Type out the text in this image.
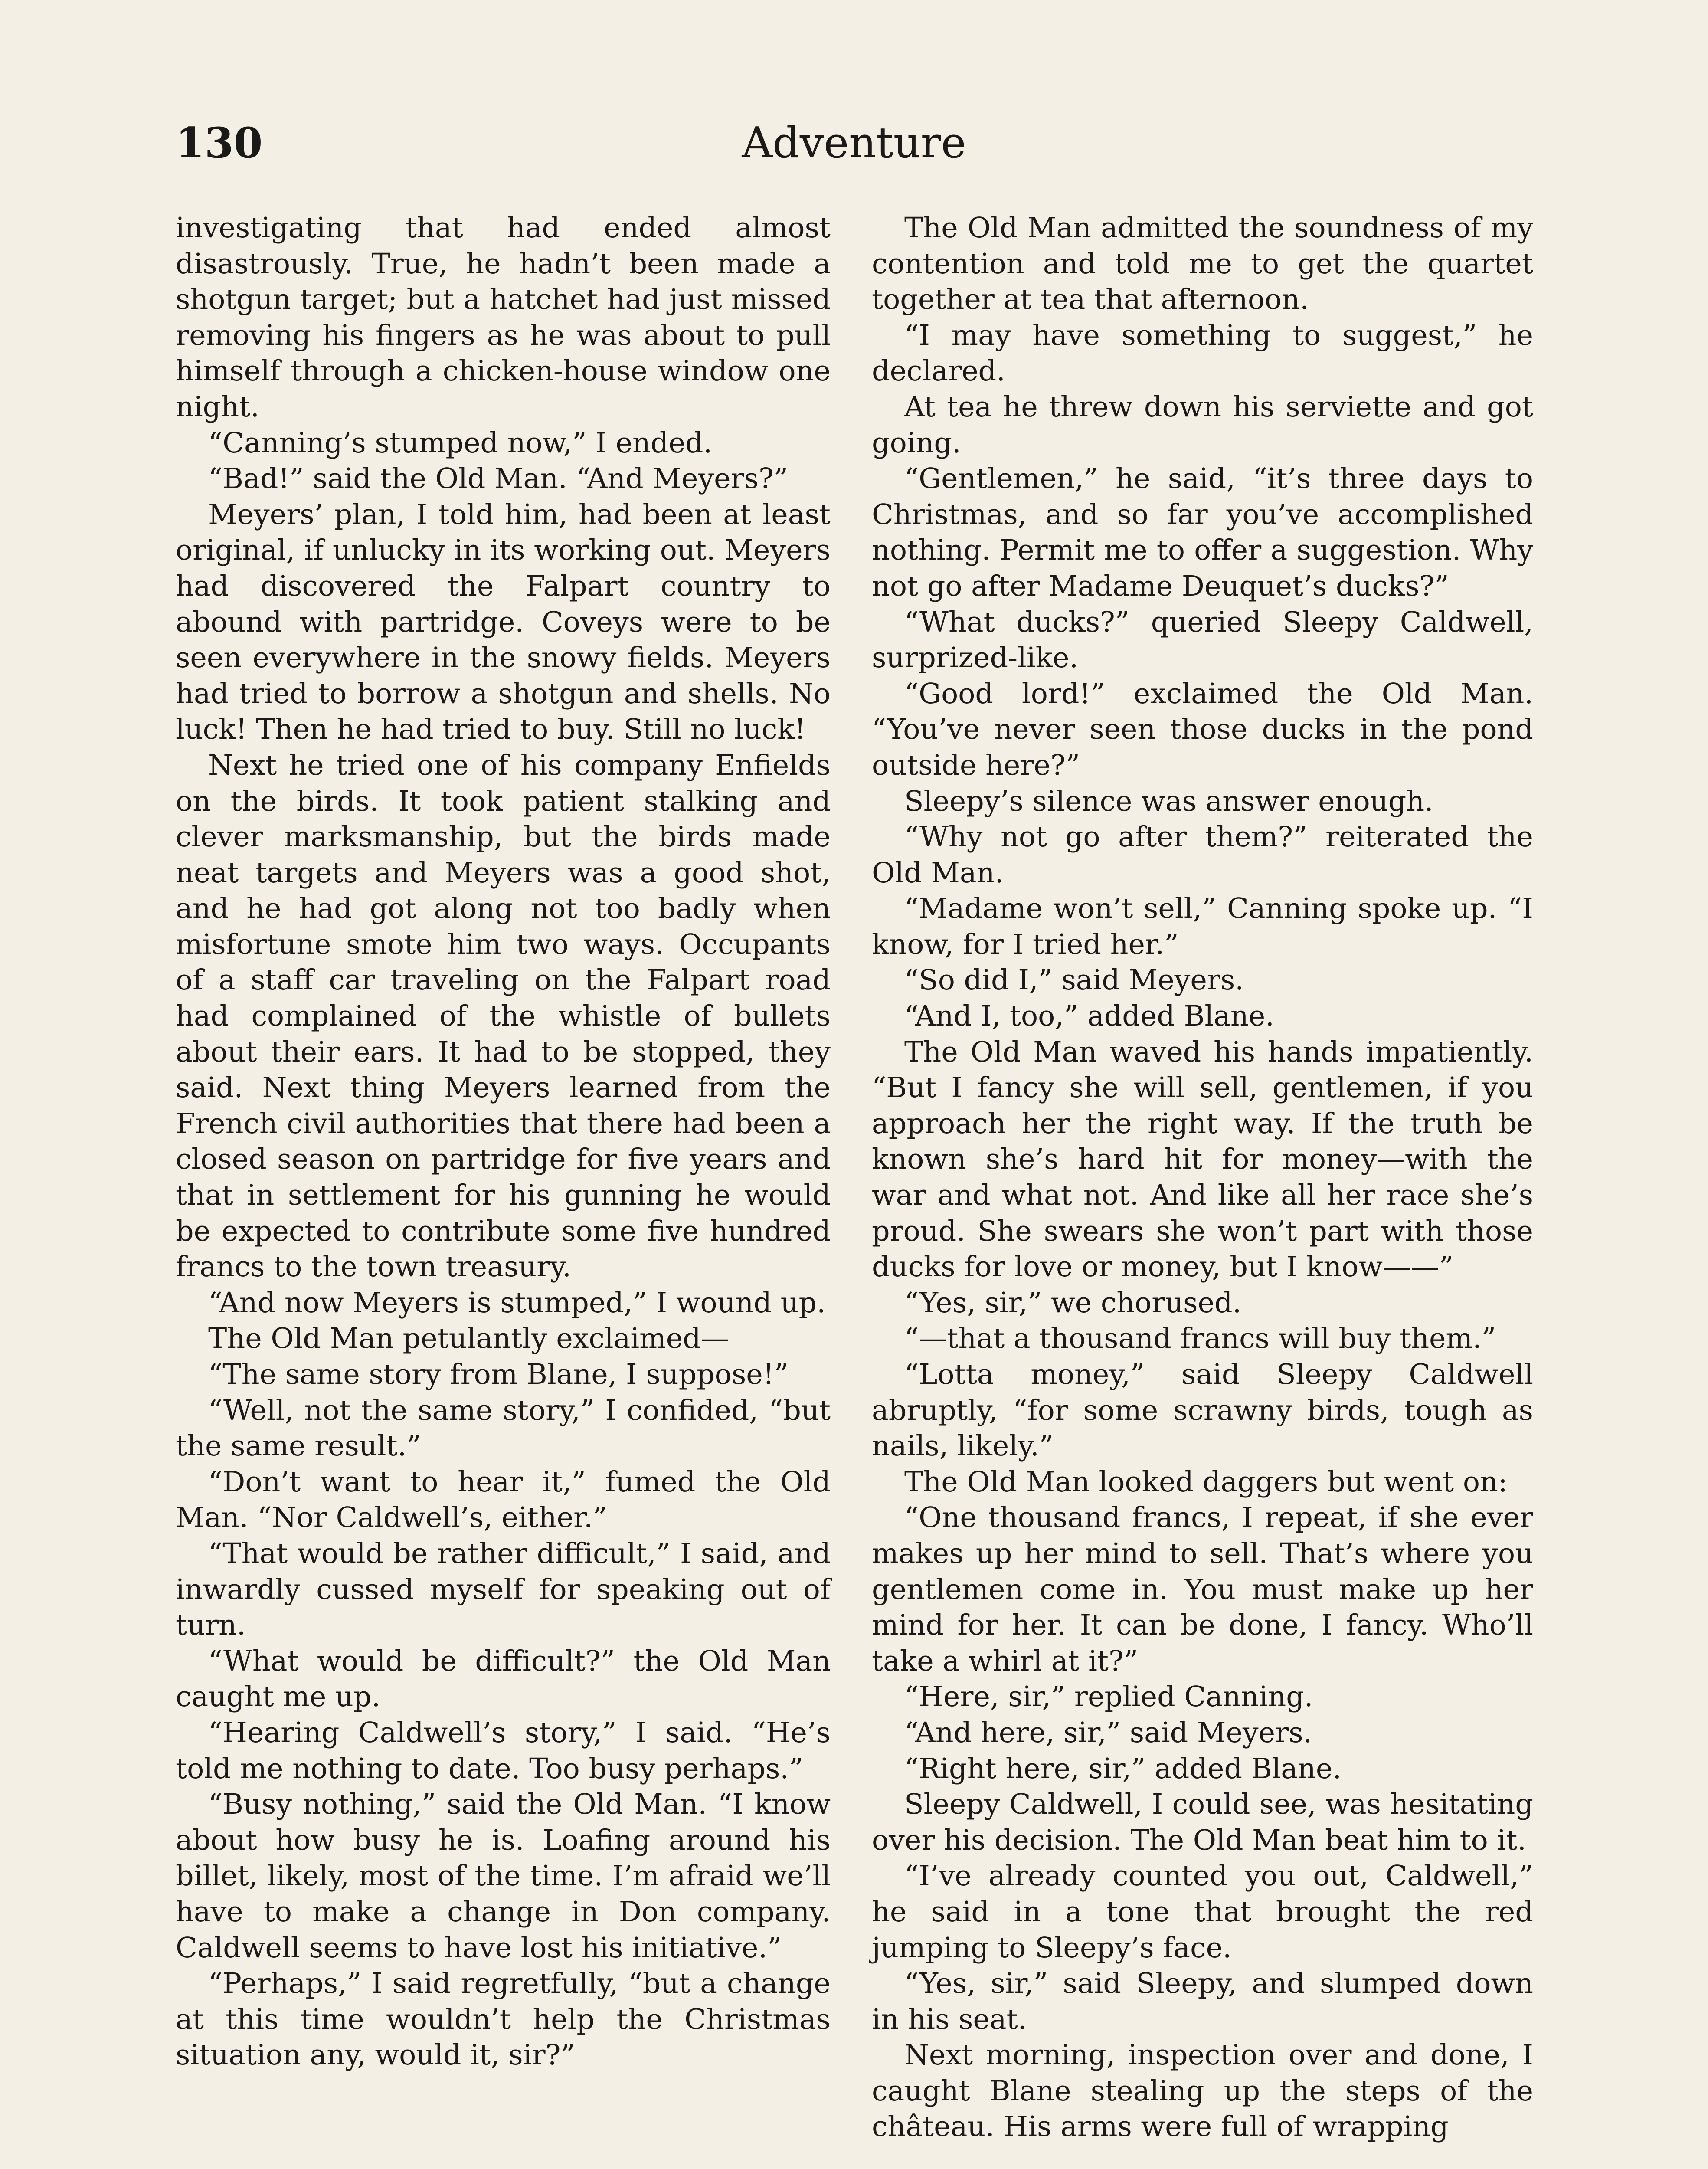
130	Adventure

investigating that had ended almost disastrously. True, he hadn’t been made a shotgun target; but a hatchet had just missed removing his fingers as he was about to pull himself through a chicken-house window one night.

“Canning’s stumped now,” I ended.

“Bad!” said the Old Man. “And Meyers?”

Meyers’ plan, I told him, had been at least original, if unlucky in its working out. Meyers had discovered the Falpart country to abound with partridge. Coveys were to be seen everywhere in the snowy fields. Meyers had tried to borrow a shotgun and shells. No luck! Then he had tried to buy. Still no luck!

Next he tried one of his company Enfields on the birds. It took patient stalking and clever marksmanship, but the birds made neat targets and Meyers was a good shot, and he had got along not too badly when misfortune smote him two ways. Occupants of a staff car traveling on the Falpart road had complained of the whistle of bullets about their ears. It had to be stopped, they said. Next thing Meyers learned from the French civil authorities that there had been a closed season on partridge for five years and that in settlement for his gunning he would be expected to contribute some five hundred francs to the town treasury.

“And now Meyers is stumped,” I wound up.

The Old Man petulantly exclaimed—

“The same story from Blane, I suppose!”

“Well, not the same story,” I confided, “but the same result.”

“Don’t want to hear it,” fumed the Old Man. “Nor Caldwell’s, either.”

“That would be rather difficult,” I said, and inwardly cussed myself for speaking out of turn.

“What would be difficult?” the Old Man caught me up.

“Hearing Caldwell’s story,” I said. “He’s told me nothing to date. Too busy perhaps.”

“Busy nothing,” said the Old Man. “I know about how busy he is. Loafing around his billet, likely, most of the time. I’m afraid we’ll have to make a change in Don company. Caldwell seems to have lost his initiative.”

“Perhaps,” I said regretfully, “but a change at this time wouldn’t help the Christmas situation any, would it, sir?”

The Old Man admitted the soundness of my contention and told me to get the quartet together at tea that afternoon.

“I may have something to suggest,” he declared.

At tea he threw down his serviette and got going.

“Gentlemen,” he said, “it’s three days to Christmas, and so far you’ve accomplished nothing. Permit me to offer a suggestion. Why not go after Madame Deuquet’s ducks?”

“What ducks?” queried Sleepy Caldwell, surprized-like.

“Good lord!” exclaimed the Old Man. “You’ve never seen those ducks in the pond outside here?”

Sleepy’s silence was answer enough.

“Why not go after them?” reiterated the Old Man.

“Madame won’t sell,” Canning spoke up. “I know, for I tried her.”

“So did I,” said Meyers.

“And I, too,” added Blane.

The Old Man waved his hands impatiently. “But I fancy she will sell, gentlemen, if you approach her the right way. If the truth be known she’s hard hit for money—with the war and what not. And like all her race she’s proud. She swears she won’t part with those ducks for love or money, but I know——”

“Yes, sir,” we chorused.

“—that a thousand francs will buy them.”

“Lotta money,” said Sleepy Caldwell abruptly, “for some scrawny birds, tough as nails, likely.”

The Old Man looked daggers but went on:

“One thousand francs, I repeat, if she ever makes up her mind to sell. That’s where you gentlemen come in. You must make up her mind for her. It can be done, I fancy. Who’ll take a whirl at it?”

“Here, sir,” replied Canning.

“And here, sir,” said Meyers.

“Right here, sir,” added Blane.

Sleepy Caldwell, I could see, was hesitating over his decision. The Old Man beat him to it.

“I’ve already counted you out, Caldwell,” he said in a tone that brought the red jumping to Sleepy’s face.

“Yes, sir,” said Sleepy, and slumped down in his seat.

Next morning, inspection over and done, I caught Blane stealing up the steps of the château. His arms were full of wrapping
